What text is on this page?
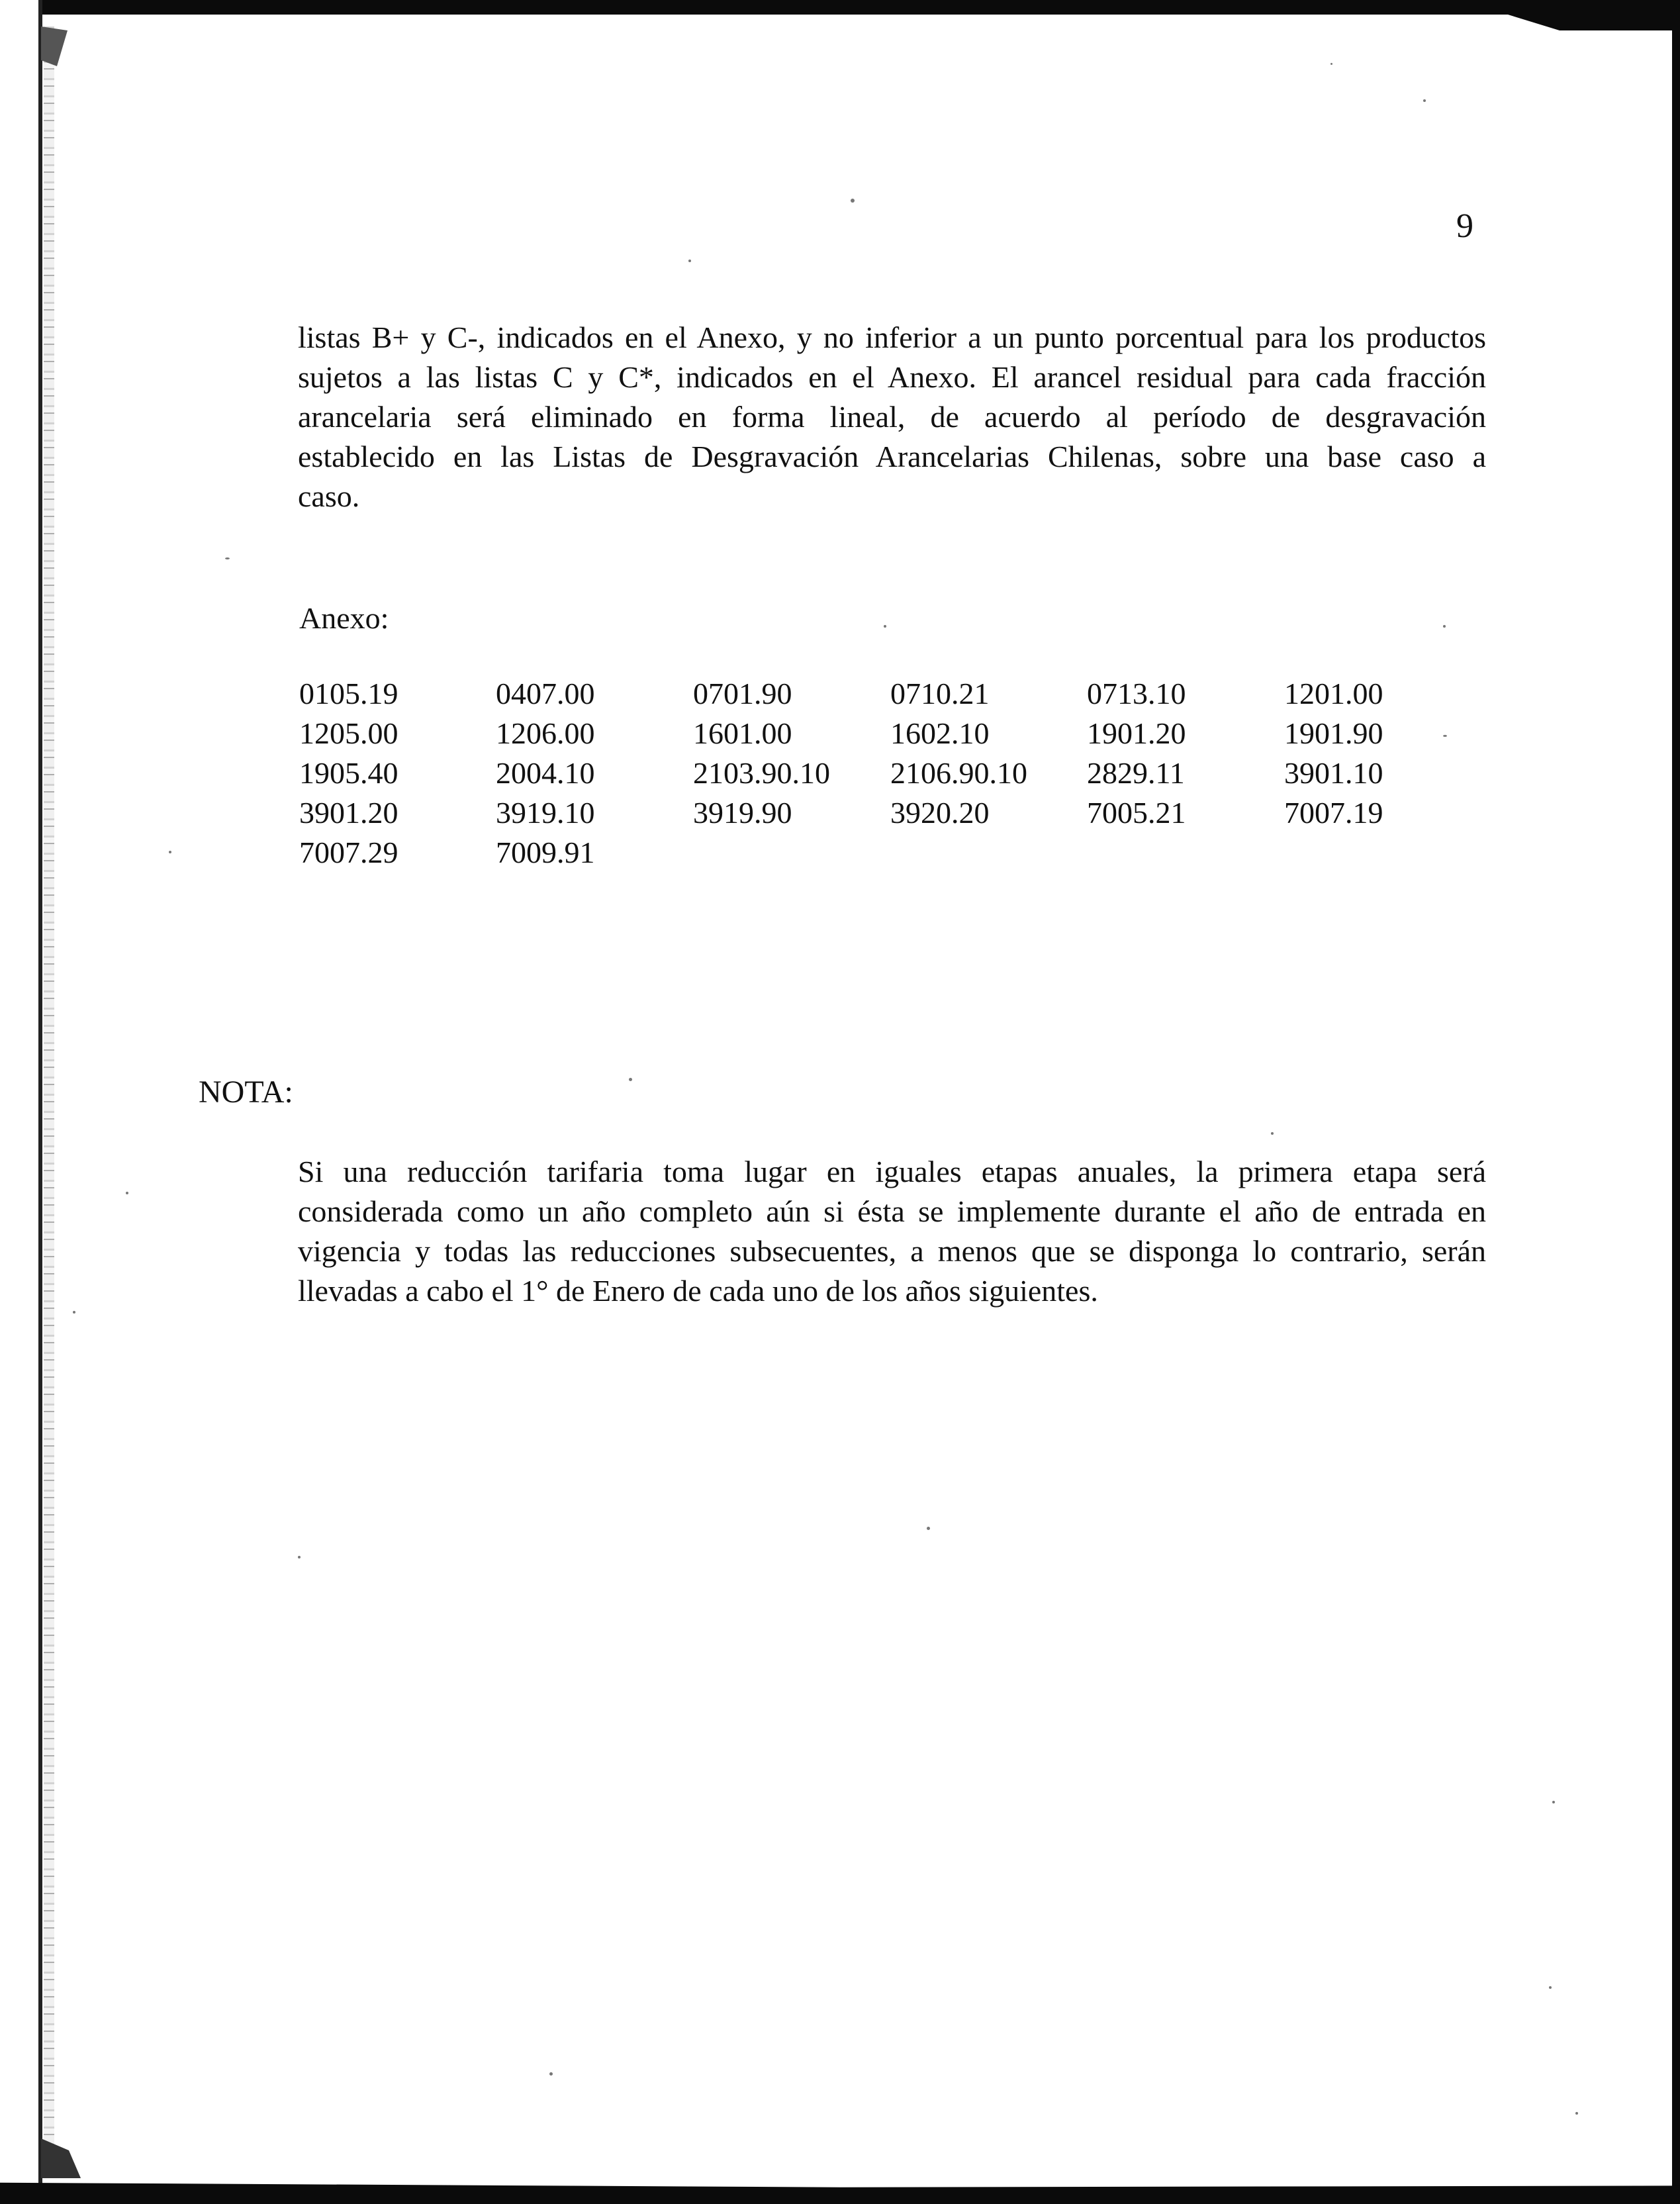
9
listas B+ y C-, indicados en el Anexo, y no inferior a un punto porcentual para los productos
sujetos a las listas C y C*, indicados en el Anexo. El arancel residual para cada fracción
arancelaria será eliminado en forma lineal, de acuerdo al período de desgravación
establecido en las Listas de Desgravación Arancelarias Chilenas, sobre una base caso a
caso.
Anexo:
0105.19	0407.00	0701.90	0710.21	0713.10	1201.00
1205.00	1206.00	1601.00	1602.10	1901.20	1901.90
1905.40	2004.10	2103.90.10 2106.90.10 2829.11	3901.10
3901.20	3919.10	3919.90	3920.20	7005.21	7007.19
7007.29	7009.91
NOTA:
Si una reducción tarifaria toma lugar en iguales etapas anuales, la primera etapa será
considerada como un año completo aún si ésta se implemente durante el año de entrada en
vigencia y todas las reducciones subsecuentes, a menos que se disponga lo contrario, serán
llevadas a cabo el 1° de Enero de cada uno de los años siguientes.
